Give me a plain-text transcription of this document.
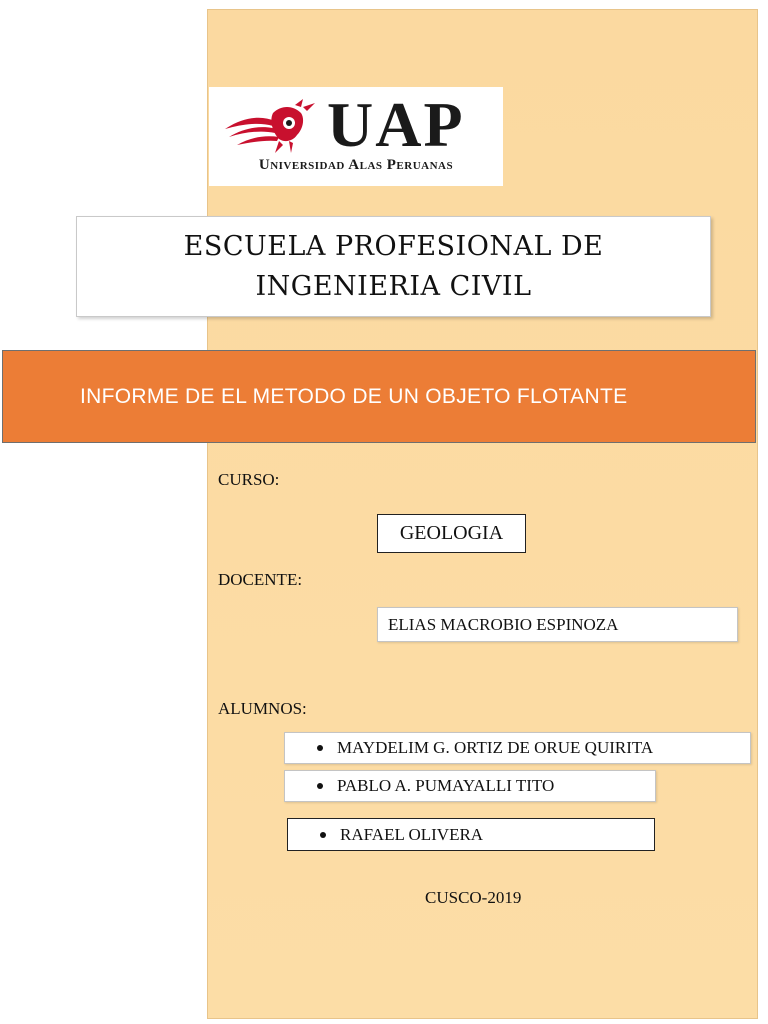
UAP
Universidad Alas Peruanas
ESCUELA PROFESIONAL DE INGENIERIA CIVIL
INFORME DE EL METODO DE UN OBJETO FLOTANTE
CURSO:
GEOLOGIA
DOCENTE:
ELIAS MACROBIO ESPINOZA
ALUMNOS:
MAYDELIM G. ORTIZ DE ORUE QUIRITA
PABLO A. PUMAYALLI TITO
RAFAEL OLIVERA
CUSCO-2019
